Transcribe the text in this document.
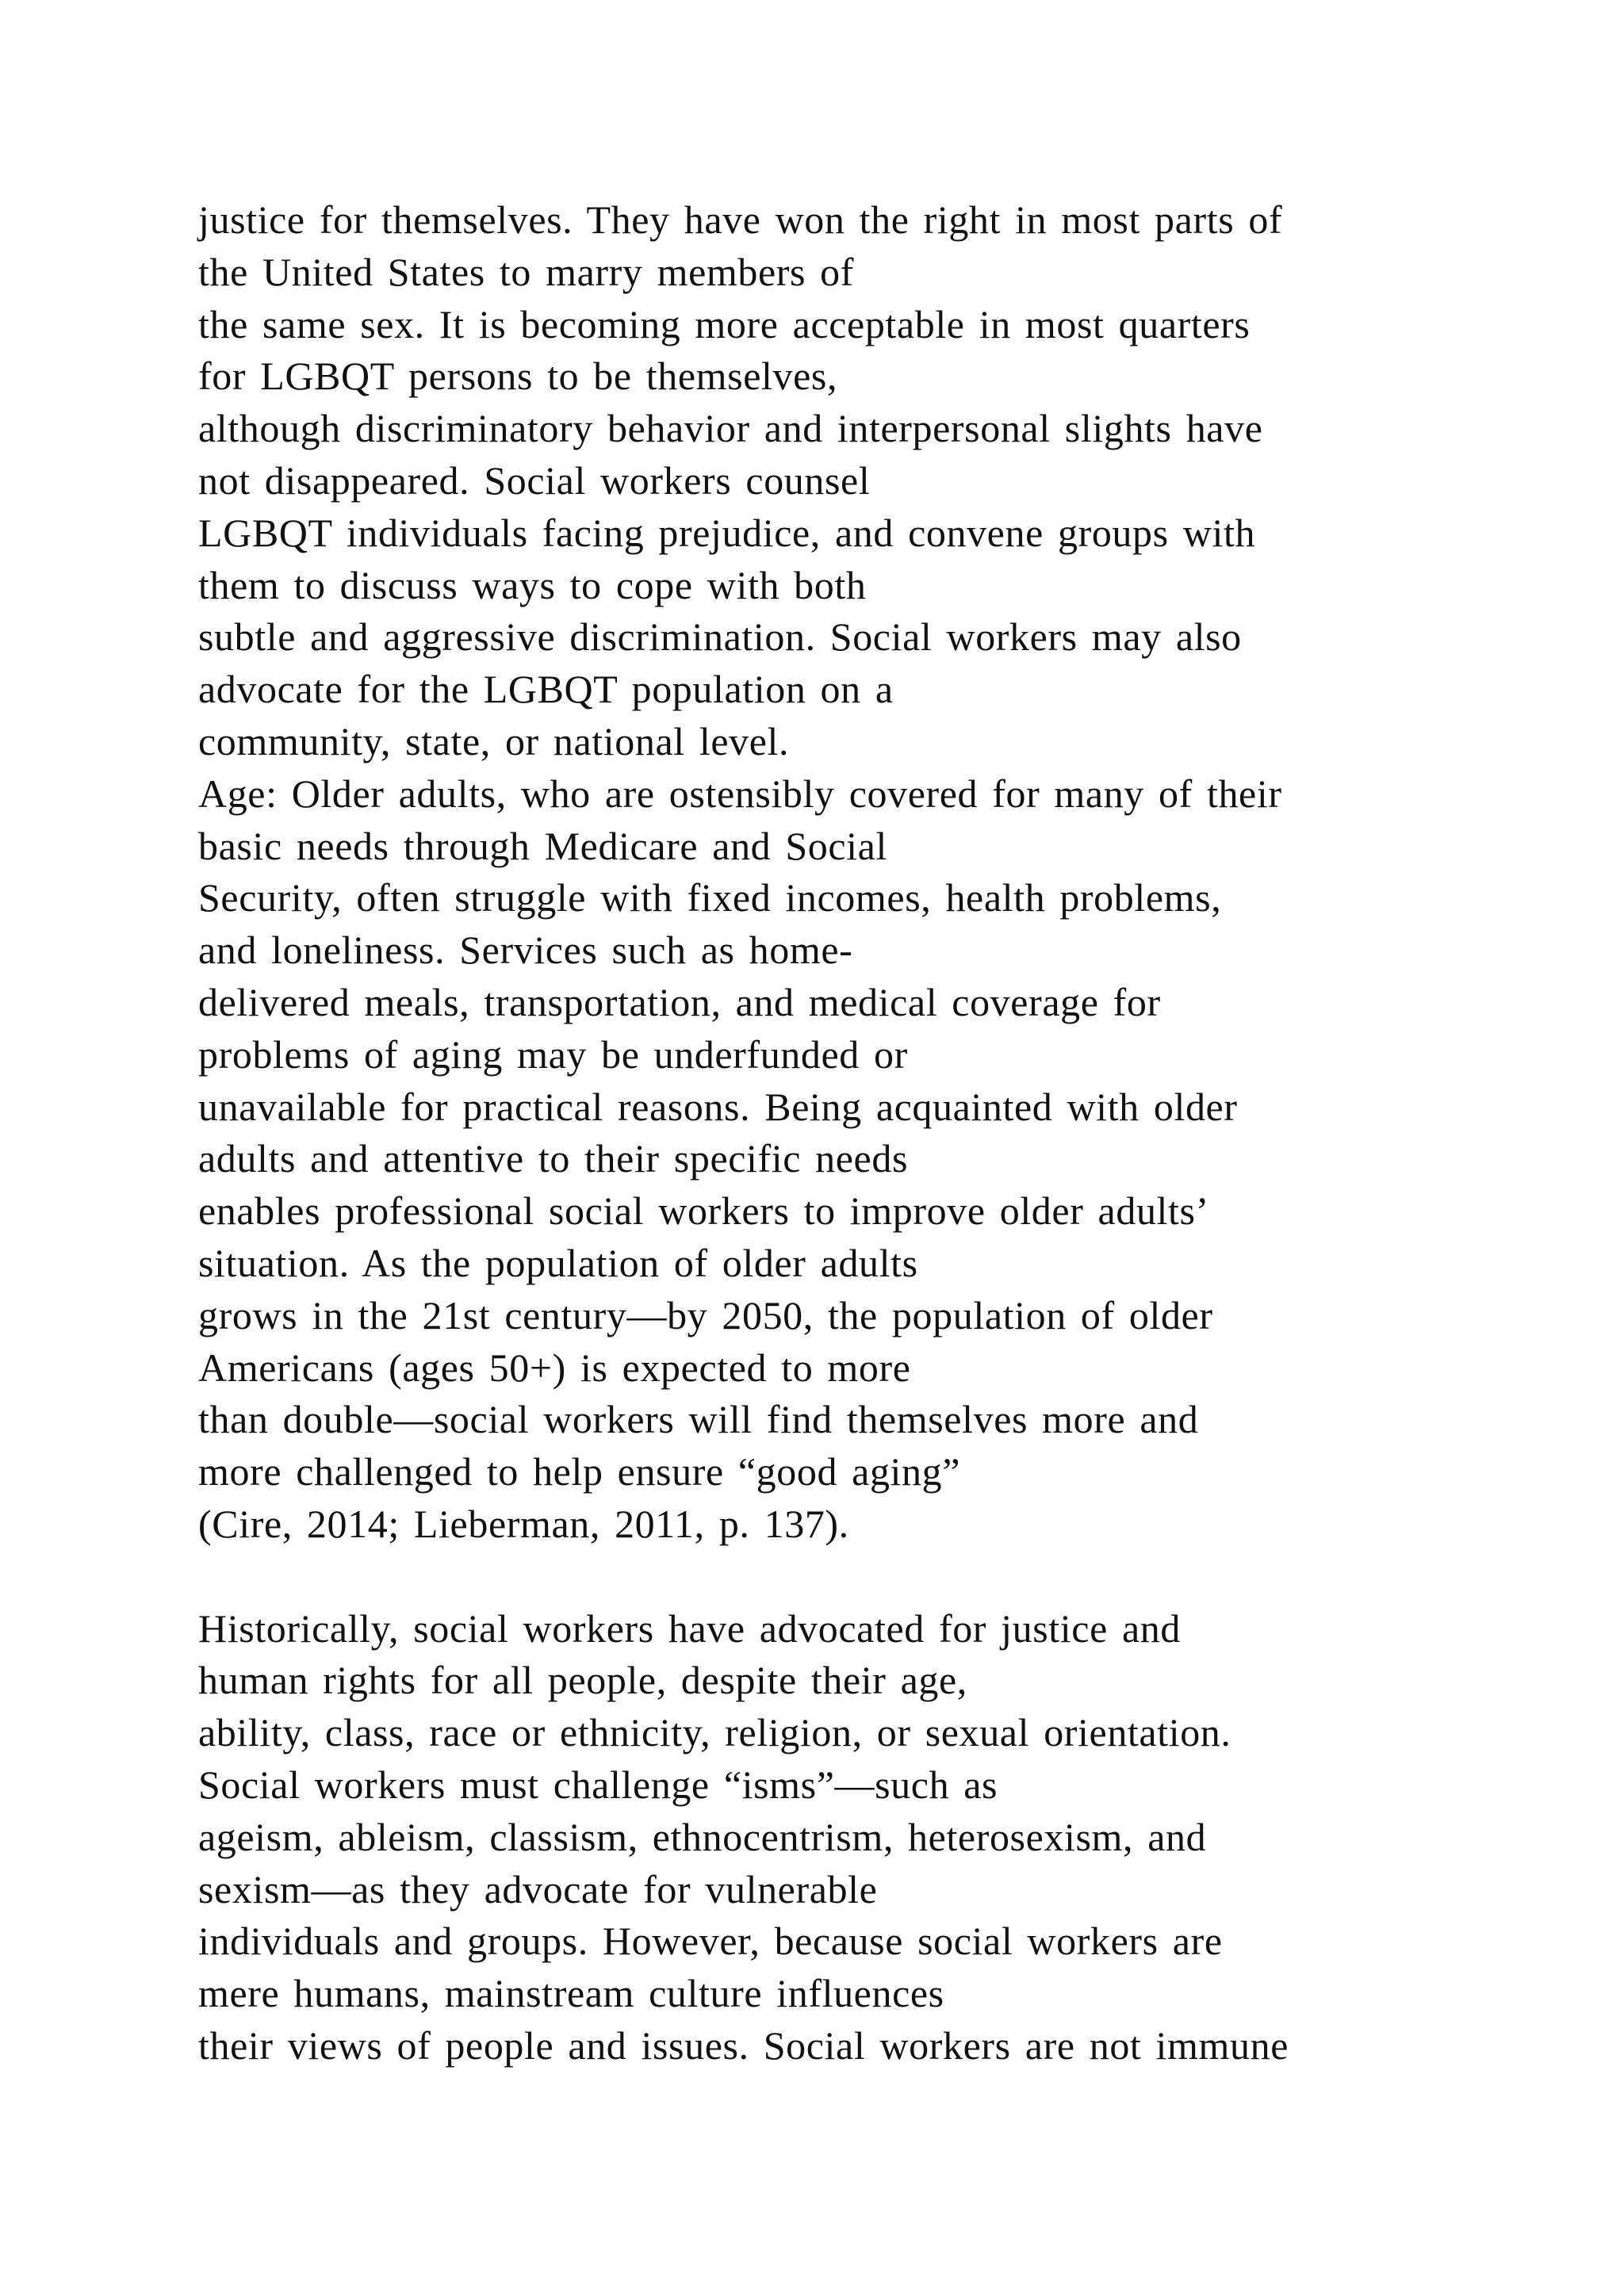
justice for themselves. They have won the right in most parts of
the United States to marry members of
the same sex. It is becoming more acceptable in most quarters
for LGBQT persons to be themselves,
although discriminatory behavior and interpersonal slights have
not disappeared. Social workers counsel
LGBQT individuals facing prejudice, and convene groups with
them to discuss ways to cope with both
subtle and aggressive discrimination. Social workers may also
advocate for the LGBQT population on a
community, state, or national level.
Age: Older adults, who are ostensibly covered for many of their
basic needs through Medicare and Social
Security, often struggle with fixed incomes, health problems,
and loneliness. Services such as home-
delivered meals, transportation, and medical coverage for
problems of aging may be underfunded or
unavailable for practical reasons. Being acquainted with older
adults and attentive to their specific needs
enables professional social workers to improve older adults’
situation. As the population of older adults
grows in the 21st century—by 2050, the population of older
Americans (ages 50+) is expected to more
than double—social workers will find themselves more and
more challenged to help ensure “good aging”
(Cire, 2014; Lieberman, 2011, p. 137).
Historically, social workers have advocated for justice and
human rights for all people, despite their age,
ability, class, race or ethnicity, religion, or sexual orientation.
Social workers must challenge “isms”—such as
ageism, ableism, classism, ethnocentrism, heterosexism, and
sexism—as they advocate for vulnerable
individuals and groups. However, because social workers are
mere humans, mainstream culture influences
their views of people and issues. Social workers are not immune
